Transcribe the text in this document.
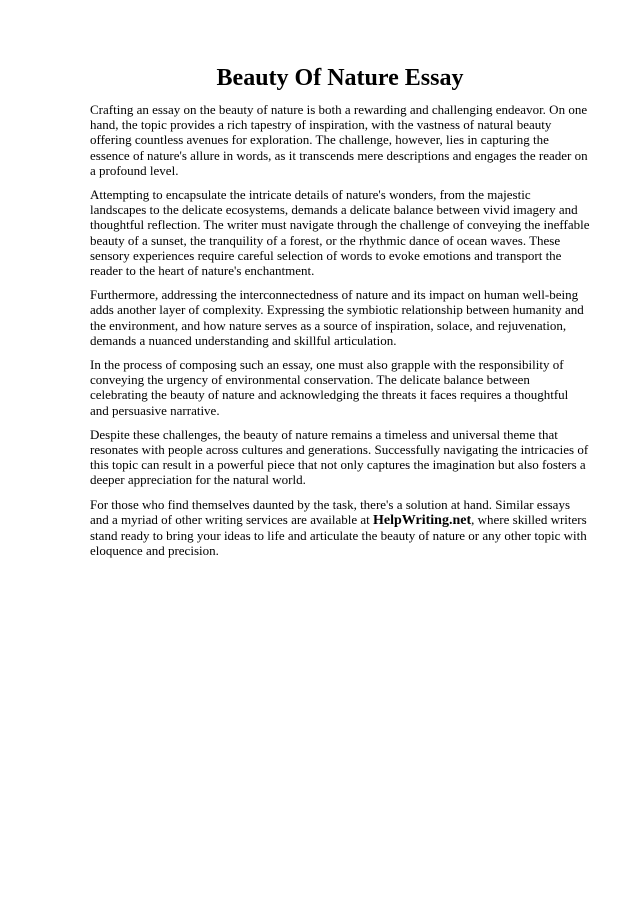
Beauty Of Nature Essay

Crafting an essay on the beauty of nature is both a rewarding and challenging endeavor. On one hand, the topic provides a rich tapestry of inspiration, with the vastness of natural beauty offering countless avenues for exploration. The challenge, however, lies in capturing the essence of nature's allure in words, as it transcends mere descriptions and engages the reader on a profound level.

Attempting to encapsulate the intricate details of nature's wonders, from the majestic landscapes to the delicate ecosystems, demands a delicate balance between vivid imagery and thoughtful reflection. The writer must navigate through the challenge of conveying the ineffable beauty of a sunset, the tranquility of a forest, or the rhythmic dance of ocean waves. These sensory experiences require careful selection of words to evoke emotions and transport the reader to the heart of nature's enchantment.

Furthermore, addressing the interconnectedness of nature and its impact on human well-being adds another layer of complexity. Expressing the symbiotic relationship between humanity and the environment, and how nature serves as a source of inspiration, solace, and rejuvenation, demands a nuanced understanding and skillful articulation.

In the process of composing such an essay, one must also grapple with the responsibility of conveying the urgency of environmental conservation. The delicate balance between celebrating the beauty of nature and acknowledging the threats it faces requires a thoughtful and persuasive narrative.

Despite these challenges, the beauty of nature remains a timeless and universal theme that resonates with people across cultures and generations. Successfully navigating the intricacies of this topic can result in a powerful piece that not only captures the imagination but also fosters a deeper appreciation for the natural world.

For those who find themselves daunted by the task, there's a solution at hand. Similar essays and a myriad of other writing services are available at HelpWriting.net, where skilled writers stand ready to bring your ideas to life and articulate the beauty of nature or any other topic with eloquence and precision.
